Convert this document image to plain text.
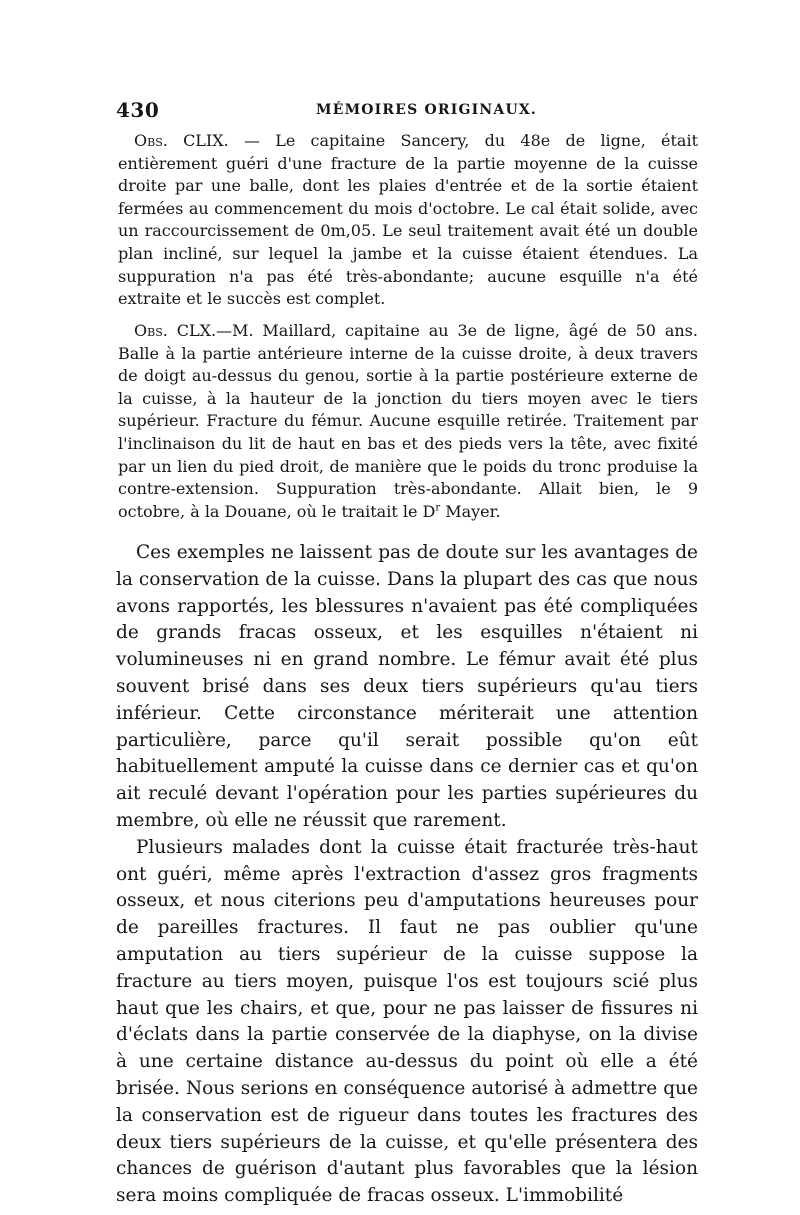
430	MÉMOIRES ORIGINAUX.

Obs. CLIX. — Le capitaine Sancery, du 48e de ligne, était entièrement guéri d'une fracture de la partie moyenne de la cuisse droite par une balle, dont les plaies d'entrée et de la sortie étaient fermées au commencement du mois d'octobre. Le cal était solide, avec un raccourcissement de 0m,05. Le seul traitement avait été un double plan incliné, sur lequel la jambe et la cuisse étaient étendues. La suppuration n'a pas été très-abondante; aucune esquille n'a été extraite et le succès est complet.

Obs. CLX.—M. Maillard, capitaine au 3e de ligne, âgé de 50 ans. Balle à la partie antérieure interne de la cuisse droite, à deux travers de doigt au-dessus du genou, sortie à la partie postérieure externe de la cuisse, à la hauteur de la jonction du tiers moyen avec le tiers supérieur. Fracture du fémur. Aucune esquille retirée. Traitement par l'inclinaison du lit de haut en bas et des pieds vers la tête, avec fixité par un lien du pied droit, de manière que le poids du tronc produise la contre-extension. Suppuration très-abondante. Allait bien, le 9 octobre, à la Douane, où le traitait le $D^r$ Mayer.

Ces exemples ne laissent pas de doute sur les avantages de la conservation de la cuisse. Dans la plupart des cas que nous avons rapportés, les blessures n'avaient pas été compliquées de grands fracas osseux, et les esquilles n'étaient ni volumineuses ni en grand nombre. Le fémur avait été plus souvent brisé dans ses deux tiers supérieurs qu'au tiers inférieur. Cette circonstance mériterait une attention particulière, parce qu'il serait possible qu'on eût habituellement amputé la cuisse dans ce dernier cas et qu'on ait reculé devant l'opération pour les parties supérieures du membre, où elle ne réussit que rarement.

Plusieurs malades dont la cuisse était fracturée très-haut ont guéri, même après l'extraction d'assez gros fragments osseux, et nous citerions peu d'amputations heureuses pour de pareilles fractures. Il faut ne pas oublier qu'une amputation au tiers supérieur de la cuisse suppose la fracture au tiers moyen, puisque l'os est toujours scié plus haut que les chairs, et que, pour ne pas laisser de fissures ni d'éclats dans la partie conservée de la diaphyse, on la divise à une certaine distance au-dessus du point où elle a été brisée. Nous serions en conséquence autorisé à admettre que la conservation est de rigueur dans toutes les fractures des deux tiers supérieurs de la cuisse, et qu'elle présentera des chances de guérison d'autant plus favorables que la lésion sera moins compliquée de fracas osseux. L'immobilité
